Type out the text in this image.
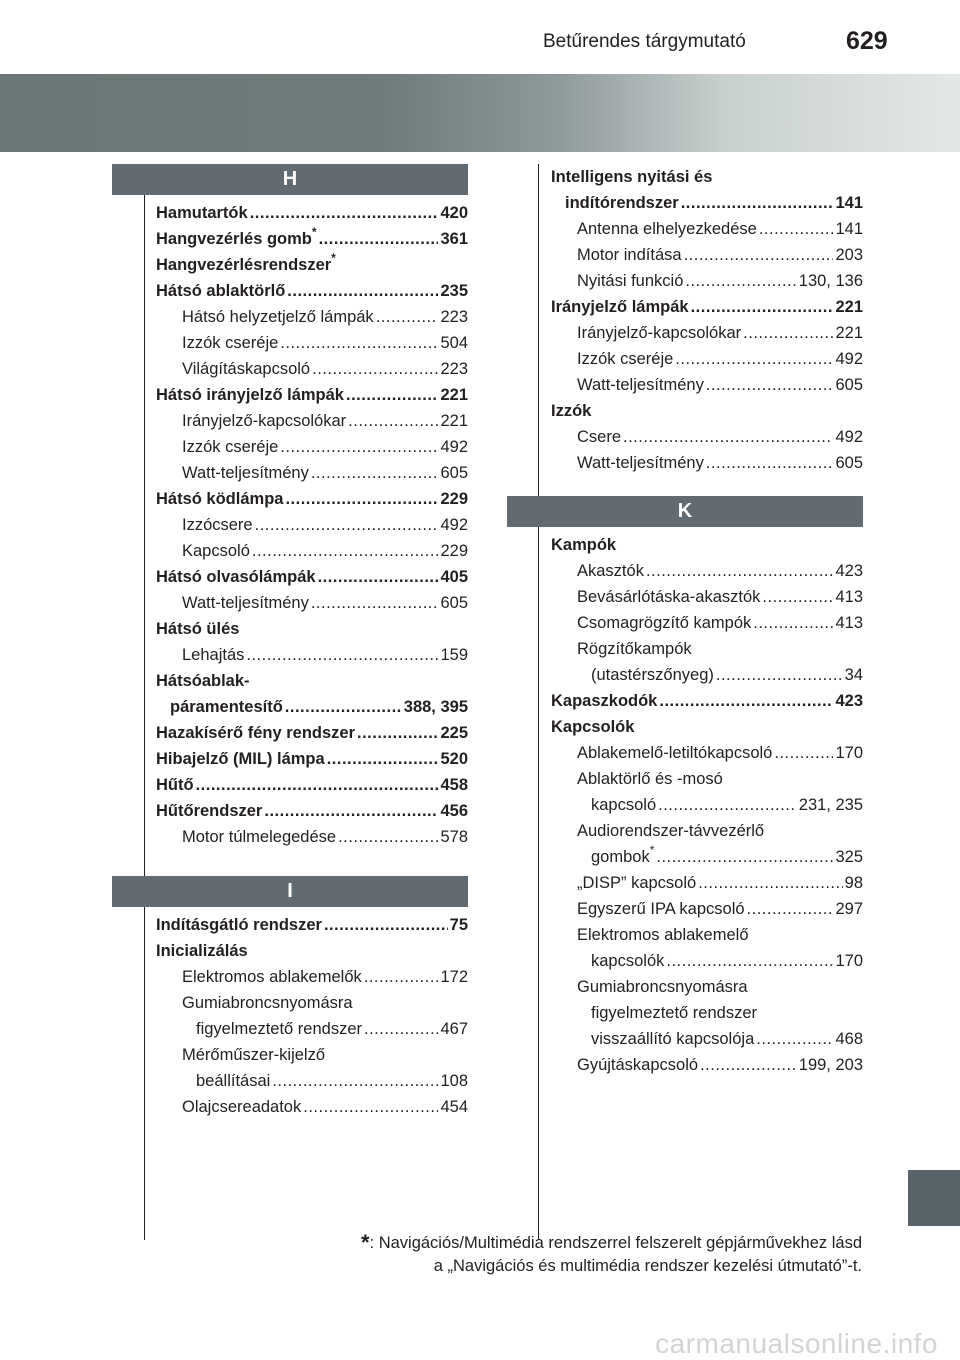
Betűrendes tárgymutató	629
H
Hamutartók .....	420
Hangvezérlés gomb* .....	361
Hangvezérlésrendszer*
Hátsó ablaktörlő .....	235
Hátsó helyzetjelző lámpák .....	223
Izzók cseréje .....	504
Világításkapcsoló .....	223
Hátsó irányjelző lámpák .....	221
Irányjelző-kapcsolókar .....	221
Izzók cseréje .....	492
Watt-teljesítmény .....	605
Hátsó ködlámpa .....	229
Izzócsere .....	492
Kapcsoló .....	229
Hátsó olvasólámpák .....	405
Watt-teljesítmény .....	605
Hátsó ülés
Lehajtás .....	159
Hátsóablak-
páramentesítő .....	388, 395
Hazakísérő fény rendszer .....	225
Hibajelző (MIL) lámpa .....	520
Hűtő .....	458
Hűtőrendszer .....	456
Motor túlmelegedése .....	578
I
Indításgátló rendszer .....	75
Inicializálás
Elektromos ablakemelők .....	172
Gumiabroncsnyomásra
figyelmeztető rendszer .....	467
Mérőműszer-kijelző
beállításai .....	108
Olajcsereadatok .....	454
Intelligens nyitási és
indítórendszer .....	141
Antenna elhelyezkedése .....	141
Motor indítása .....	203
Nyitási funkció .....	130, 136
Irányjelző lámpák .....	221
Irányjelző-kapcsolókar .....	221
Izzók cseréje .....	492
Watt-teljesítmény .....	605
Izzók
Csere .....	492
Watt-teljesítmény .....	605
K
Kampók
Akasztók .....	423
Bevásárlótáska-akasztók .....	413
Csomagrögzítő kampók .....	413
Rögzítőkampók
(utastérszőnyeg) .....	34
Kapaszkodók .....	423
Kapcsolók
Ablakemelő-letiltókapcsoló .....	170
Ablaktörlő és -mosó
kapcsoló .....	231, 235
Audiorendszer-távvezérlő
gombok* .....	325
„DISP” kapcsoló .....	98
Egyszerű IPA kapcsoló .....	297
Elektromos ablakemelő
kapcsolók .....	170
Gumiabroncsnyomásra
figyelmeztető rendszer
visszaállító kapcsolója .....	468
Gyújtáskapcsoló .....	199, 203
*: Navigációs/Multimédia rendszerrel felszerelt gépjárművekhez lásd
a „Navigációs és multimédia rendszer kezelési útmutató”-t.
carmanualsonline.info
